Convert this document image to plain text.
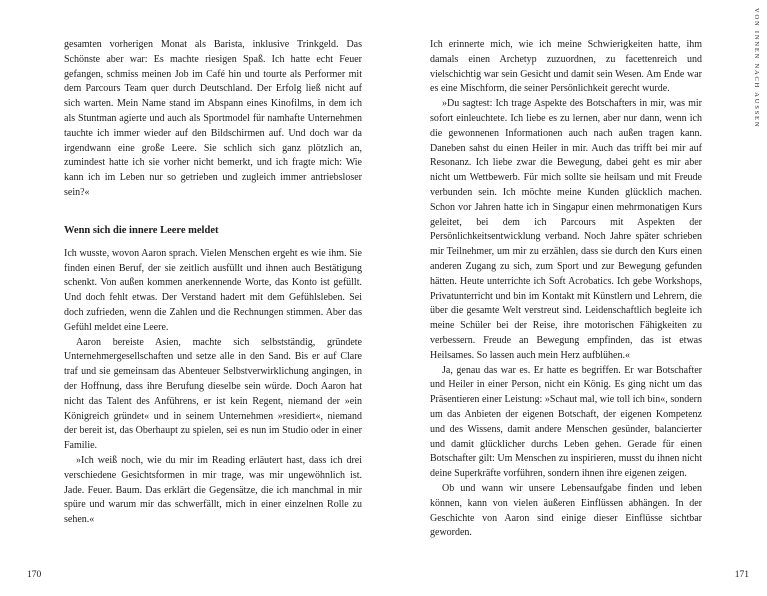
gesamten vorherigen Monat als Barista, inklusive Trinkgeld. Das Schönste aber war: Es machte riesigen Spaß. Ich hatte echt Feuer gefangen, schmiss meinen Job im Café hin und tourte als Performer mit dem Parcours Team quer durch Deutschland. Der Erfolg ließ nicht auf sich warten. Mein Name stand im Abspann eines Kinofilms, in dem ich als Stuntman agierte und auch als Sportmodel für namhafte Unternehmen tauchte ich immer wieder auf den Bildschirmen auf. Und doch war da irgendwann eine große Leere. Sie schlich sich ganz plötzlich an, zumindest hatte ich sie vorher nicht bemerkt, und ich fragte mich: Wie kann ich im Leben nur so getrieben und zugleich immer antriebsloser sein?«

Wenn sich die innere Leere meldet

Ich wusste, wovon Aaron sprach. Vielen Menschen ergeht es wie ihm. Sie finden einen Beruf, der sie zeitlich ausfüllt und ihnen auch Bestätigung schenkt. Von außen kommen anerkennende Worte, das Konto ist gefüllt. Und doch fehlt etwas. Der Verstand hadert mit dem Gefühlsleben. Sei doch zufrieden, wenn die Zahlen und die Rechnungen stimmen. Aber das Gefühl meldet eine Leere.

Aaron bereiste Asien, machte sich selbstständig, gründete Unternehmergesellschaften und setze alle in den Sand. Bis er auf Clare traf und sie gemeinsam das Abenteuer Selbstverwirklichung angingen, in der Hoffnung, dass ihre Berufung dieselbe sein würde. Doch Aaron hat nicht das Talent des Anführens, er ist kein Regent, niemand der »ein Königreich gründet« und in seinem Unternehmen »residiert«, niemand der bereit ist, das Oberhaupt zu spielen, sei es nun im Studio oder in einer Familie.

»Ich weiß noch, wie du mir im Reading erläutert hast, dass ich drei verschiedene Gesichtsformen in mir trage, was mir ungewöhnlich ist. Jade. Feuer. Baum. Das erklärt die Gegensätze, die ich manchmal in mir spüre und warum mir das schwerfällt, mich in einer einzelnen Rolle zu sehen.«

Ich erinnerte mich, wie ich meine Schwierigkeiten hatte, ihm damals einen Archetyp zuzuordnen, zu facettenreich und vielschichtig war sein Gesicht und damit sein Wesen. Am Ende war es eine Mischform, die seiner Persönlichkeit gerecht wurde.

»Du sagtest: Ich trage Aspekte des Botschafters in mir, was mir sofort einleuchtete. Ich liebe es zu lernen, aber nur dann, wenn ich die gewonnenen Informationen auch nach außen tragen kann. Daneben sahst du einen Heiler in mir. Auch das trifft bei mir auf Resonanz. Ich liebe zwar die Bewegung, dabei geht es mir aber nicht um Wettbewerb. Für mich sollte sie heilsam und mit Freude verbunden sein. Ich möchte meine Kunden glücklich machen. Schon vor Jahren hatte ich in Singapur einen mehrmonatigen Kurs geleitet, bei dem ich Parcours mit Aspekten der Persönlichkeitsentwicklung verband. Noch Jahre später schrieben mir Teilnehmer, um mir zu erzählen, dass sie durch den Kurs einen anderen Zugang zu sich, zum Sport und zur Bewegung gefunden hätten. Heute unterrichte ich Soft Acrobatics. Ich gebe Workshops, Privatunterricht und bin im Kontakt mit Künstlern und Lehrern, die über die gesamte Welt verstreut sind. Leidenschaftlich begleite ich meine Schüler bei der Reise, ihre motorischen Fähigkeiten zu verbessern. Freude an Bewegung empfinden, das ist etwas Heilsames. So lassen auch mein Herz aufblühen.«

Ja, genau das war es. Er hatte es begriffen. Er war Botschafter und Heiler in einer Person, nicht ein König. Es ging nicht um das Präsentieren einer Leistung: »Schaut mal, wie toll ich bin«, sondern um das Anbieten der eigenen Botschaft, der eigenen Kompetenz und des Wissens, damit andere Menschen gesünder, balancierter und damit glücklicher durchs Leben gehen. Gerade für einen Botschafter gilt: Um Menschen zu inspirieren, musst du ihnen nicht deine Superkräfte vorführen, sondern ihnen ihre eigenen zeigen.

Ob und wann wir unsere Lebensaufgabe finden und leben können, kann von vielen äußeren Einflüssen abhängen. In der Geschichte von Aaron sind einige dieser Einflüsse sichtbar geworden.

VON INNEN NACH AUSSEN
170	171
